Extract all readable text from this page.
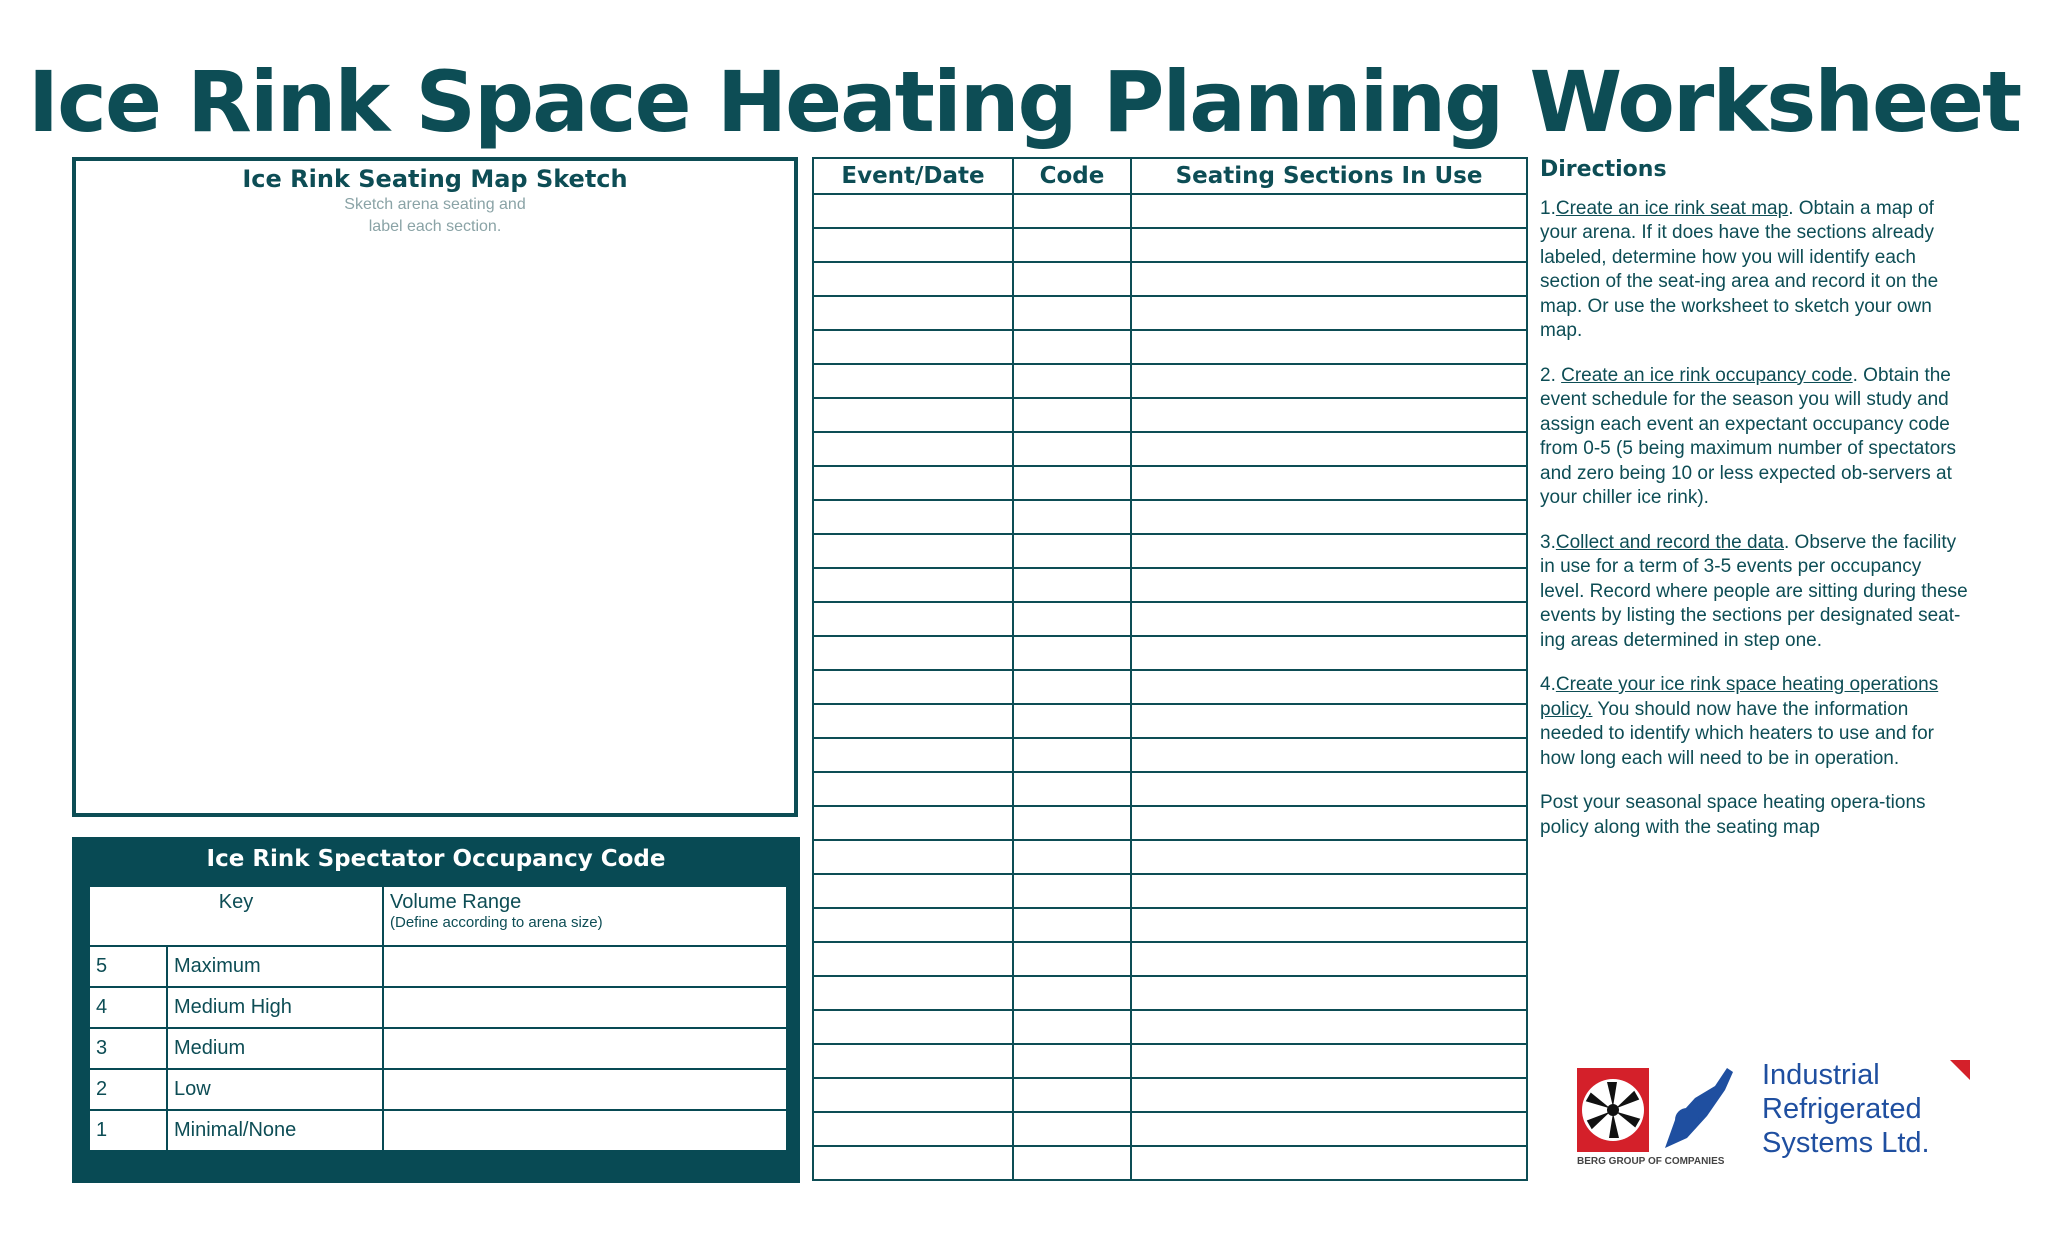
Ice Rink Space Heating Planning Worksheet
Ice Rink Seating Map Sketch
Sketch arena seating and
label each section.
Ice Rink Spectator Occupancy Code
Key		Volume Range
(Define according to arena size)

5	Maximum	
4	Medium High	
3	Medium	
2	Low	
1	Minimal/None	
Event/Date	Code	Seating Sections In Use

			Directions

1.Create an ice rink seat map. Obtain a map of your arena. If it does have the sections already labeled, determine how you will identify each section of the seat-ing area and record it on the map. Or use the worksheet to sketch your own map.

2. Create an ice rink occupancy code. Obtain the event schedule for the season you will study and assign each event an expectant occupancy code from 0-5 (5 being maximum number of spectators and zero being 10 or less expected ob-servers at your chiller ice rink).

3.Collect and record the data. Observe the facility in use for a term of 3-5 events per occupancy level. Record where people are sitting during these events by listing the sections per designated seat-ing areas determined in step one.

4.Create your ice rink space heating operations policy. You should now have the information needed to identify which heaters to use and for how long each will need to be in operation.

Post your seasonal space heating opera-tions policy along with the seating map

Industrial
Refrigerated
Systems Ltd.
BERG GROUP OF COMPANIES
